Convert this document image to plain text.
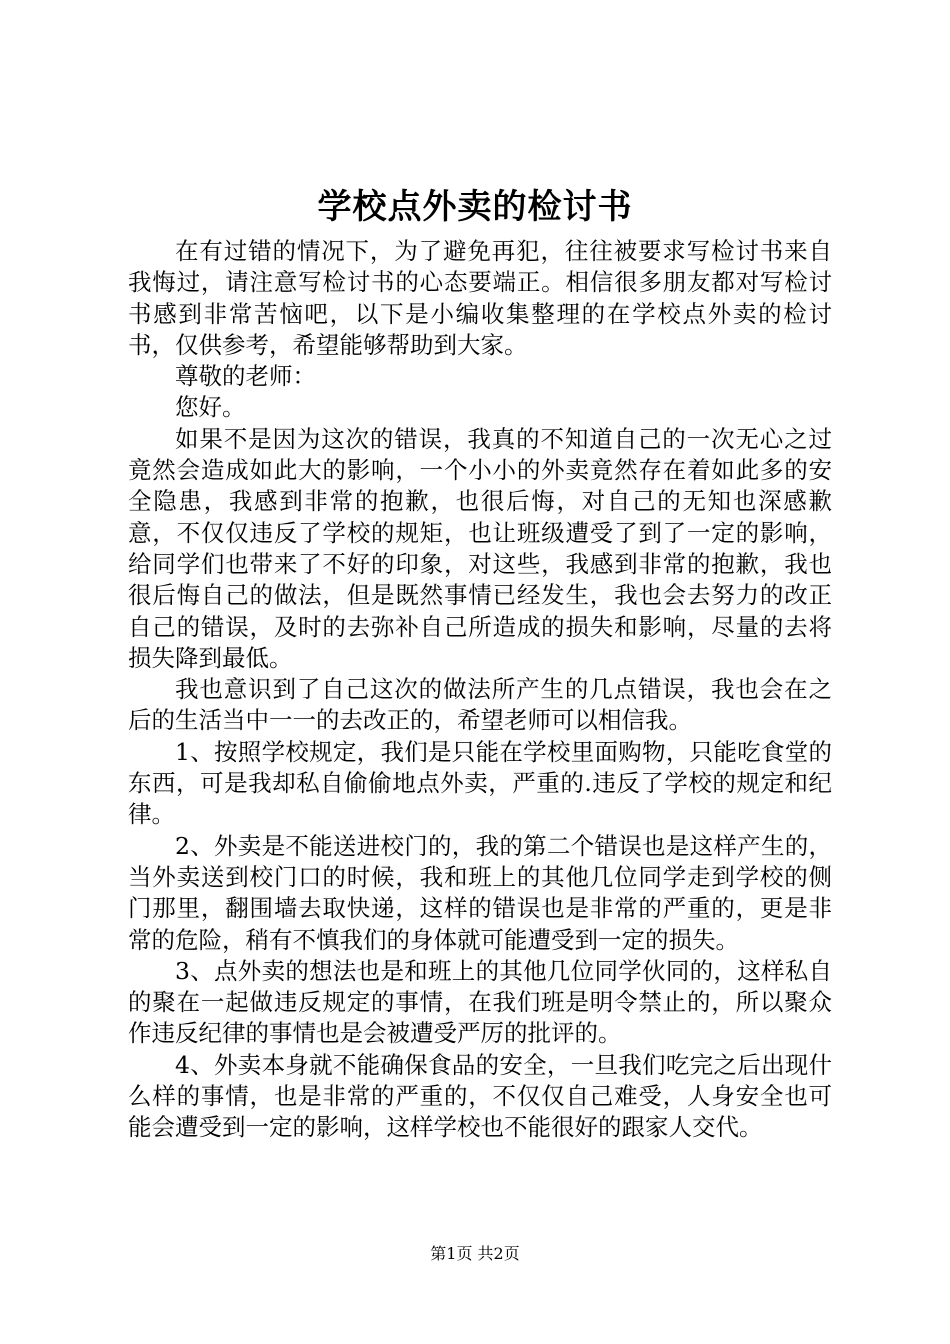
学校点外卖的检讨书

在有过错的情况下，为了避免再犯，往往被要求写检讨书来自我悔过，请注意写检讨书的心态要端正。相信很多朋友都对写检讨书感到非常苦恼吧，以下是小编收集整理的在学校点外卖的检讨书，仅供参考，希望能够帮助到大家。

尊敬的老师：

您好。

如果不是因为这次的错误，我真的不知道自己的一次无心之过竟然会造成如此大的影响，一个小小的外卖竟然存在着如此多的安全隐患，我感到非常的抱歉，也很后悔，对自己的无知也深感歉意，不仅仅违反了学校的规矩，也让班级遭受了到了一定的影响，给同学们也带来了不好的印象，对这些，我感到非常的抱歉，我也很后悔自己的做法，但是既然事情已经发生，我也会去努力的改正自己的错误，及时的去弥补自己所造成的损失和影响，尽量的去将损失降到最低。

我也意识到了自己这次的做法所产生的几点错误，我也会在之后的生活当中一一的去改正的，希望老师可以相信我。

1、按照学校规定，我们是只能在学校里面购物，只能吃食堂的东西，可是我却私自偷偷地点外卖，严重的.违反了学校的规定和纪律。

2、外卖是不能送进校门的，我的第二个错误也是这样产生的，当外卖送到校门口的时候，我和班上的其他几位同学走到学校的侧门那里，翻围墙去取快递，这样的错误也是非常的严重的，更是非常的危险，稍有不慎我们的身体就可能遭受到一定的损失。

3、点外卖的想法也是和班上的其他几位同学伙同的，这样私自的聚在一起做违反规定的事情，在我们班是明令禁止的，所以聚众作违反纪律的事情也是会被遭受严厉的批评的。

4、外卖本身就不能确保食品的安全，一旦我们吃完之后出现什么样的事情，也是非常的严重的，不仅仅自己难受，人身安全也可能会遭受到一定的影响，这样学校也不能很好的跟家人交代。

第1页 共2页
